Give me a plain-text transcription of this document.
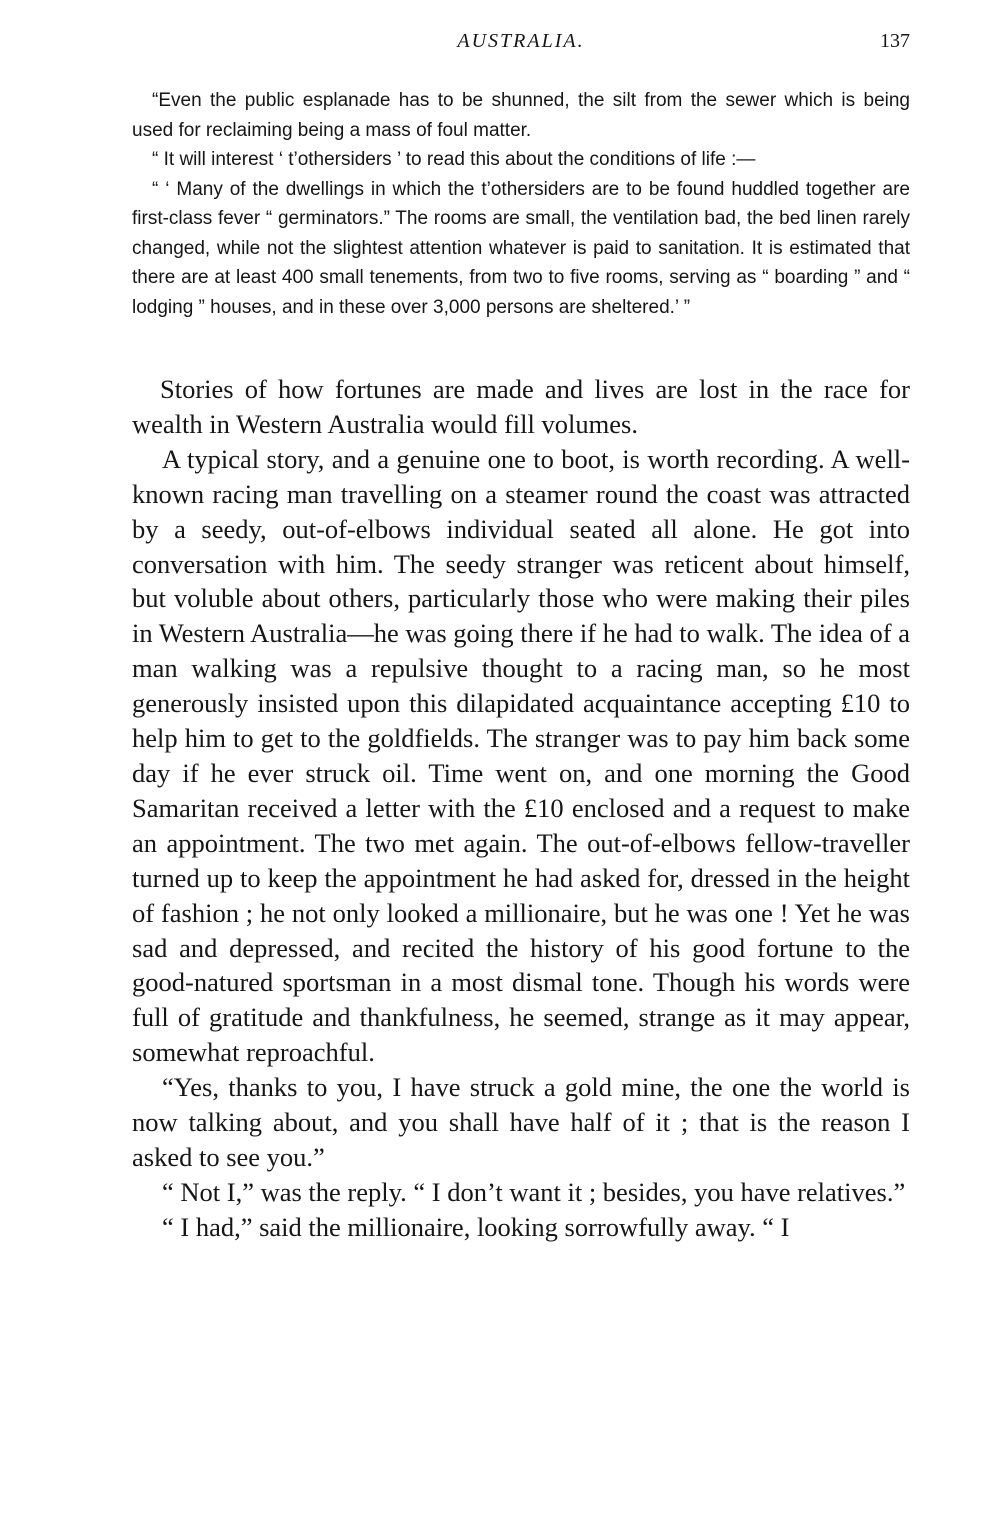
AUSTRALIA.	137

“Even the public esplanade has to be shunned, the silt from the sewer which is being used for reclaiming being a mass of foul matter.

“ It will interest ‘ t’othersiders ’ to read this about the conditions of life :—

“ ‘ Many of the dwellings in which the t’othersiders are to be found huddled together are first-class fever “ germinators.” The rooms are small, the ventilation bad, the bed linen rarely changed, while not the slightest attention whatever is paid to sanitation. It is estimated that there are at least 400 small tenements, from two to five rooms, serving as “ boarding ” and “ lodging ” houses, and in these over 3,000 persons are sheltered.’ ”

Stories of how fortunes are made and lives are lost in the race for wealth in Western Australia would fill volumes.

A typical story, and a genuine one to boot, is worth recording. A well-known racing man travelling on a steamer round the coast was attracted by a seedy, out-of-elbows individual seated all alone. He got into conversation with him. The seedy stranger was reticent about himself, but voluble about others, particularly those who were making their piles in Western Australia—he was going there if he had to walk. The idea of a man walking was a repulsive thought to a racing man, so he most generously insisted upon this dilapidated acquaintance accepting £10 to help him to get to the goldfields. The stranger was to pay him back some day if he ever struck oil. Time went on, and one morning the Good Samaritan received a letter with the £10 enclosed and a request to make an appointment. The two met again. The out-of-elbows fellow-traveller turned up to keep the appointment he had asked for, dressed in the height of fashion ; he not only looked a millionaire, but he was one ! Yet he was sad and depressed, and recited the history of his good fortune to the good-natured sportsman in a most dismal tone. Though his words were full of gratitude and thankfulness, he seemed, strange as it may appear, somewhat reproachful.

“Yes, thanks to you, I have struck a gold mine, the one the world is now talking about, and you shall have half of it ; that is the reason I asked to see you.”

“ Not I,” was the reply. “ I don’t want it ; besides, you have relatives.”

“ I had,” said the millionaire, looking sorrowfully away. “ I
